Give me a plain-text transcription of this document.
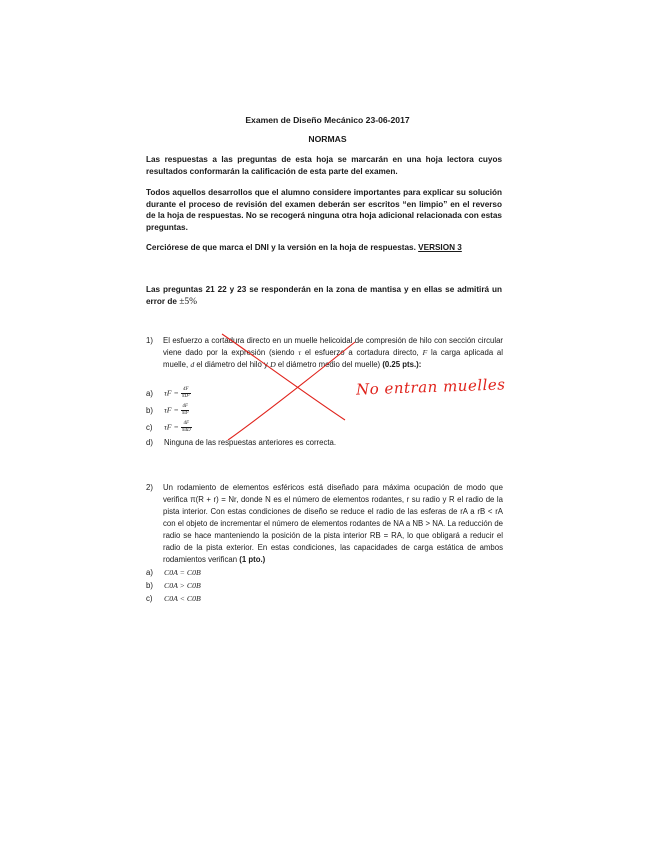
Examen de Diseño Mecánico 23-06-2017
NORMAS

Las respuestas a las preguntas de esta hoja se marcarán en una hoja lectora cuyos resultados conformarán la calificación de esta parte del examen.

Todos aquellos desarrollos que el alumno considere importantes para explicar su solución durante el proceso de revisión del examen deberán ser escritos “en limpio” en el reverso de la hoja de respuestas. No se recogerá ninguna otra hoja adicional relacionada con estas preguntas.

Cerciórese de que marca el DNI y la versión en la hoja de respuestas. VERSION 3

Las preguntas 21 22 y 23 se responderán en la zona de mantisa y en ellas se admitirá un error de ±5%

1) El esfuerzo a cortadura directo en un muelle helicoidal de compresión de hilo con sección circular viene dado por la expresión (siendo τ el esfuerzo a cortadura directo, F la carga aplicada al muelle, d el diámetro del hilo y D el diámetro medio del muelle) (0.25 pts.):

a) $\tau F = \frac{4F}{\text{πD²}}$
b) $\tau F = \frac{4F}{\text{πd²}}$
c) $\tau F = \frac{4F}{\text{πdD}}$
d) Ninguna de las respuestas anteriores es correcta.
2) Un rodamiento de elementos esféricos está diseñado para máxima ocupación de modo que verifica π(R + r) = Nr, donde N es el número de elementos rodantes, r su radio y R el radio de la pista interior. Con estas condiciones de diseño se reduce el radio de las esferas de rA a rB < rA con el objeto de incrementar el número de elementos rodantes de NA a NB > NA. La reducción de radio se hace manteniendo la posición de la pista interior RB = RA, lo que obligará a reducir el radio de la pista exterior. En estas condiciones, las capacidades de carga estática de ambos rodamientos verifican (1 pto.)

a) C0A = C0B
b) C0A > C0B
c) C0A < C0B
No entran muelles
